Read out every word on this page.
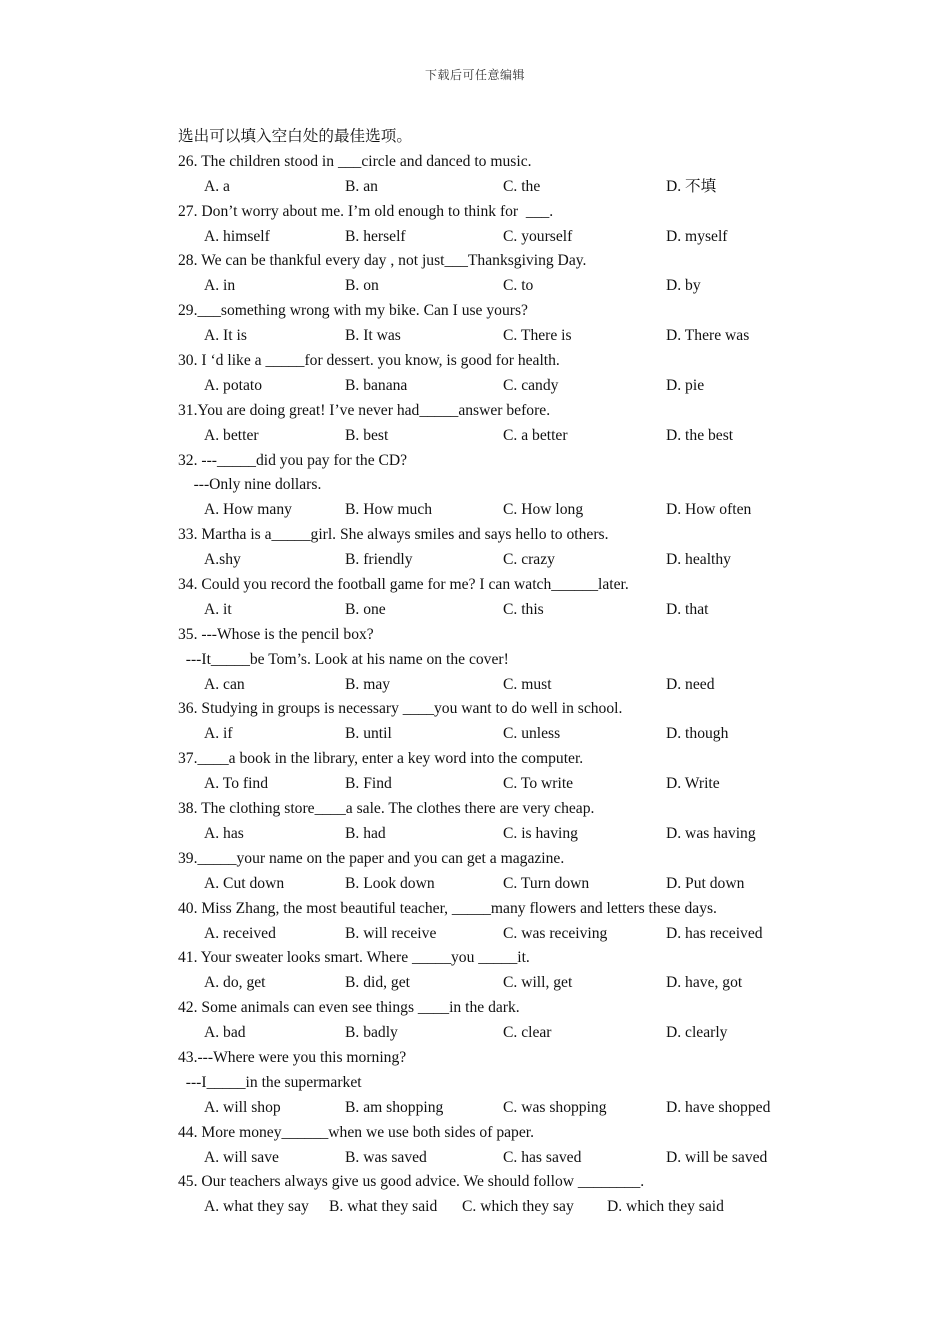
下载后可任意编辑
选出可以填入空白处的最佳选项。
26. The children stood in ___circle and danced to music.
A. a	B. an	C. the	D. 不填
27. Don’t worry about me. I’m old enough to think for  ___.
A. himself	B. herself	C. yourself	D. myself
28. We can be thankful every day , not just___Thanksgiving Day.
A. in	B. on	C. to	D. by
29.___something wrong with my bike. Can I use yours?
A. It is	B. It was	C. There is	D. There was
30. I ‘d like a _____for dessert. you know, is good for health.
A. potato	B. banana	C. candy	D. pie
31.You are doing great! I’ve never had_____answer before.
A. better	B. best	C. a better	D. the best
32. ---_____did you pay for the CD?
---Only nine dollars.
A. How many	B. How much	C. How long	D. How often
33. Martha is a_____girl. She always smiles and says hello to others.
A.shy	B. friendly	C. crazy	D. healthy
34. Could you record the football game for me? I can watch______later.
A. it	B. one	C. this	D. that
35. ---Whose is the pencil box?
---It_____be Tom’s. Look at his name on the cover!
A. can	B. may	C. must	D. need
36. Studying in groups is necessary ____you want to do well in school.
A. if	B. until	C. unless	D. though
37.____a book in the library, enter a key word into the computer.
A. To find	B. Find	C. To write	D. Write
38. The clothing store____a sale. The clothes there are very cheap.
A. has	B. had	C. is having	D. was having
39._____your name on the paper and you can get a magazine.
A. Cut down	B. Look down	C. Turn down	D. Put down
40. Miss Zhang, the most beautiful teacher, _____many flowers and letters these days.
A. received	B. will receive	C. was receiving	D. has received
41. Your sweater looks smart. Where _____you _____it.
A. do, get	B. did, get	C. will, get	D. have, got
42. Some animals can even see things ____in the dark.
A. bad	B. badly	C. clear	D. clearly
43.---Where were you this morning?
---I_____in the supermarket
A. will shop	B. am shopping	C. was shopping	D. have shopped
44. More money______when we use both sides of paper.
A. will save	B. was saved	C. has saved	D. will be saved
45. Our teachers always give us good advice. We should follow ________.
A. what they say B. what they said C. which they say D. which they said
